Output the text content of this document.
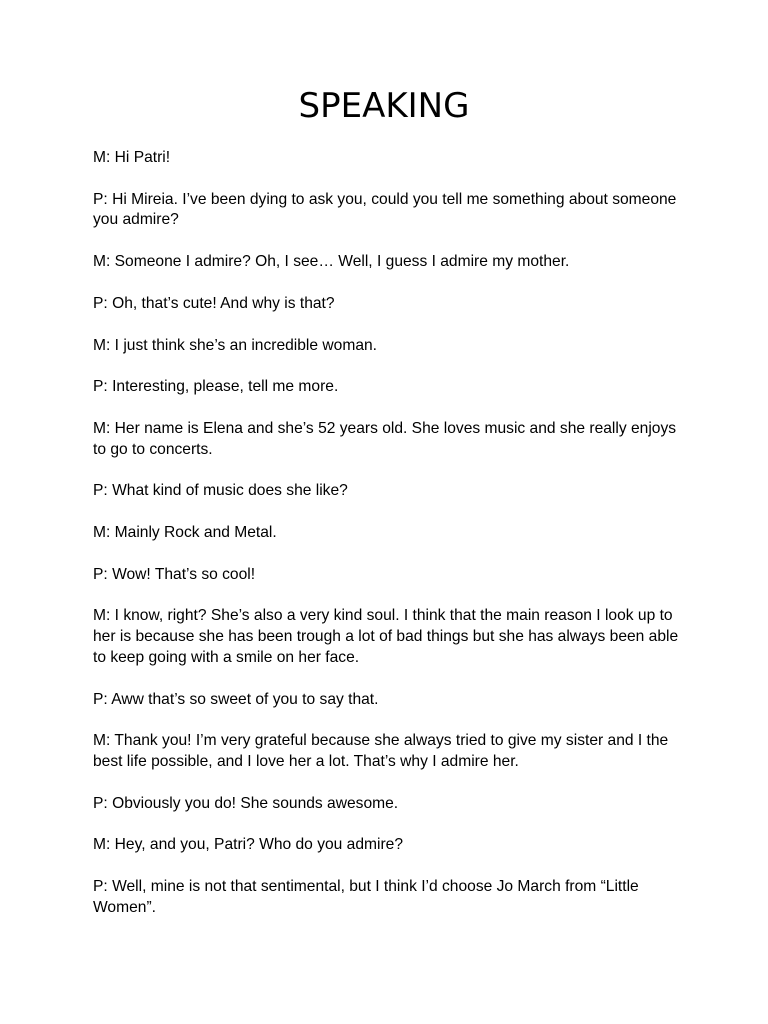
SPEAKING

M: Hi Patri!

P: Hi Mireia. I’ve been dying to ask you, could you tell me something about someone you admire?

M: Someone I admire? Oh, I see… Well, I guess I admire my mother.

P: Oh, that’s cute! And why is that?

M: I just think she’s an incredible woman.

P: Interesting, please, tell me more.

M: Her name is Elena and she’s 52 years old. She loves music and she really enjoys to go to concerts.

P: What kind of music does she like?

M: Mainly Rock and Metal.

P: Wow! That’s so cool!

M: I know, right? She’s also a very kind soul. I think that the main reason I look up to her is because she has been trough a lot of bad things but she has always been able to keep going with a smile on her face.

P: Aww that’s so sweet of you to say that.

M: Thank you! I’m very grateful because she always tried to give my sister and I the best life possible, and I love her a lot. That’s why I admire her.

P: Obviously you do! She sounds awesome.

M: Hey, and you, Patri? Who do you admire?

P: Well, mine is not that sentimental, but I think I’d choose Jo March from “Little Women”.
